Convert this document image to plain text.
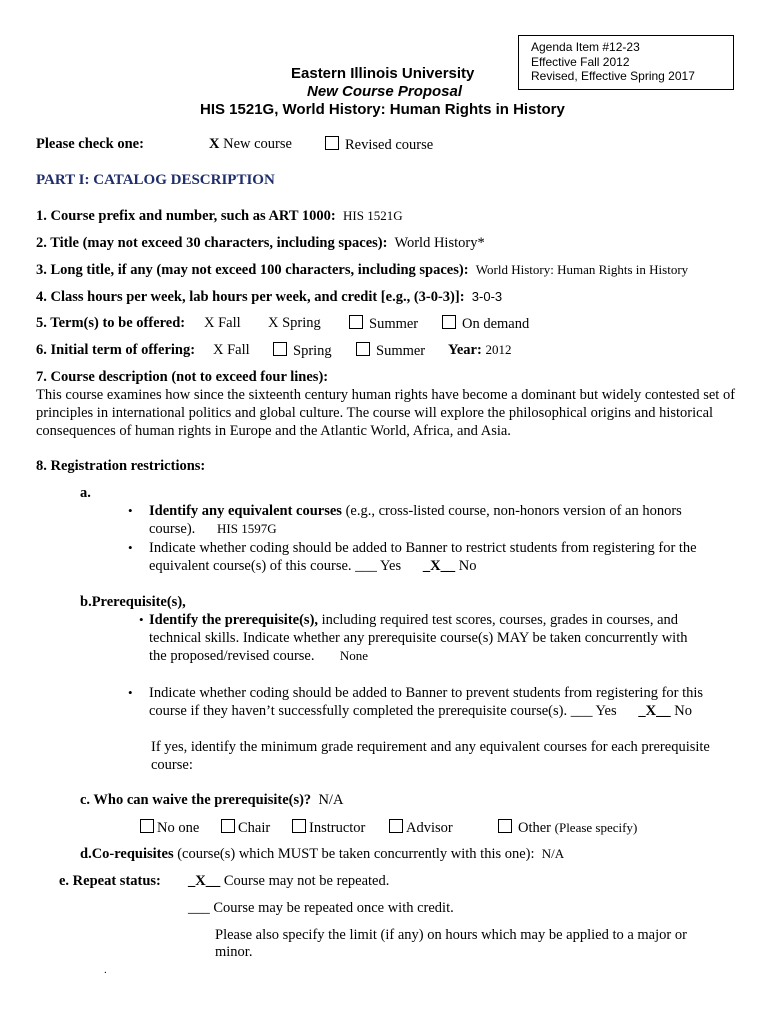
Agenda Item #12-23
Effective Fall 2012
Revised, Effective Spring 2017
Eastern Illinois University
New Course Proposal
HIS 1521G, World History: Human Rights in History
Please check one:	X New course	Revised course
PART I: CATALOG DESCRIPTION
1. Course prefix and number, such as ART 1000: HIS 1521G
2. Title (may not exceed 30 characters, including spaces): World History*
3. Long title, if any (may not exceed 100 characters, including spaces): World History: Human Rights in History
4. Class hours per week, lab hours per week, and credit [e.g., (3-0-3)]: 3-0-3
5. Term(s) to be offered: X Fall X Spring	Summer	On demand
6. Initial term of offering: X Fall	Spring	Summer Year: 2012
7. Course description (not to exceed four lines):
This course examines how since the sixteenth century human rights have become a dominant but widely contested set of principles in international politics and global culture. The course will explore the philosophical origins and historical consequences of human rights in Europe and the Atlantic World, Africa, and Asia.
8. Registration restrictions:
a.
• Identify any equivalent courses (e.g., cross-listed course, non-honors version of an honors
course). HIS 1597G
• Indicate whether coding should be added to Banner to restrict students from registering for the
equivalent course(s) of this course. ___ Yes _X__ No
b.Prerequisite(s),
• Identify the prerequisite(s), including required test scores, courses, grades in courses, and
technical skills. Indicate whether any prerequisite course(s) MAY be taken concurrently with
the proposed/revised course. None
• Indicate whether coding should be added to Banner to prevent students from registering for this
course if they haven’t successfully completed the prerequisite course(s). ___ Yes _X__ No
If yes, identify the minimum grade requirement and any equivalent courses for each prerequisite
course:
c. Who can waive the prerequisite(s)? N/A
No one	Chair	Instructor	Advisor	Other (Please specify)
d.Co-requisites (course(s) which MUST be taken concurrently with this one): N/A
e. Repeat status: _X__ Course may not be repeated.
___ Course may be repeated once with credit.
Please also specify the limit (if any) on hours which may be applied to a major or
minor.
.
